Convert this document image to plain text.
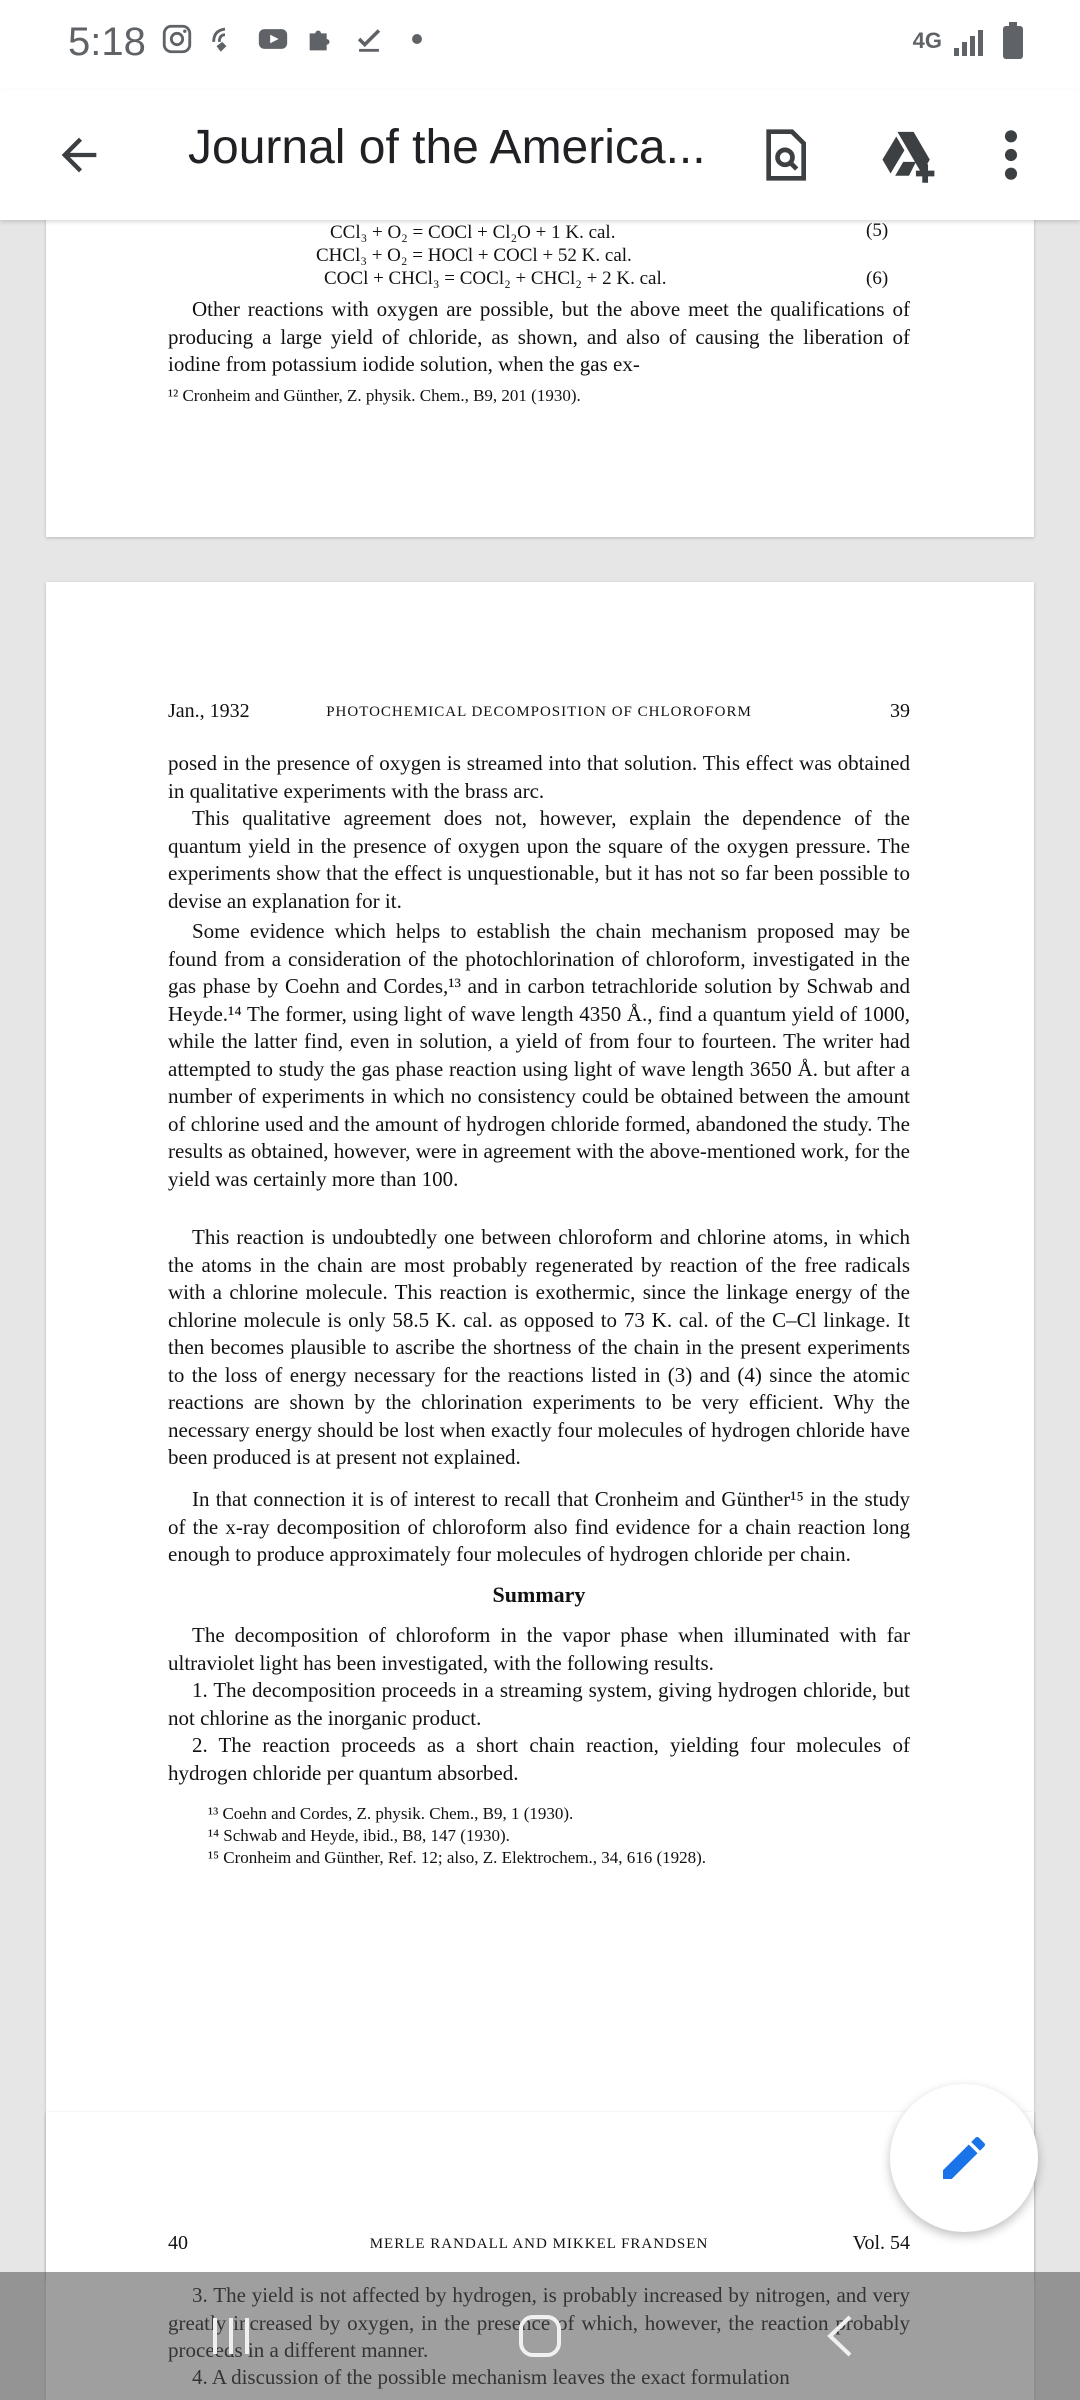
5:18	4G
Journal of the America...
CCl₃ + O₂ = COCl + Cl₂O + 1 K. cal.	(5)
CHCl₃ + O₂ = HOCl + COCl + 52 K. cal.
COCl + CHCl₃ = COCl₂ + CHCl₂ + 2 K. cal.	(6)
Other reactions with oxygen are possible, but the above meet the qualifications of producing a large yield of chloride, as shown, and also of causing the liberation of iodine from potassium iodide solution, when the gas ex-
¹² Cronheim and Günther, Z. physik. Chem., B9, 201 (1930).
Jan., 1932	PHOTOCHEMICAL DECOMPOSITION OF CHLOROFORM	39
posed in the presence of oxygen is streamed into that solution. This effect was obtained in qualitative experiments with the brass arc.
This qualitative agreement does not, however, explain the dependence of the quantum yield in the presence of oxygen upon the square of the oxygen pressure. The experiments show that the effect is unquestionable, but it has not so far been possible to devise an explanation for it.
Some evidence which helps to establish the chain mechanism proposed may be found from a consideration of the photochlorination of chloroform, investigated in the gas phase by Coehn and Cordes,¹³ and in carbon tetrachloride solution by Schwab and Heyde.¹⁴ The former, using light of wave length 4350 Å., find a quantum yield of 1000, while the latter find, even in solution, a yield of from four to fourteen. The writer had attempted to study the gas phase reaction using light of wave length 3650 Å. but after a number of experiments in which no consistency could be obtained between the amount of chlorine used and the amount of hydrogen chloride formed, abandoned the study. The results as obtained, however, were in agreement with the above-mentioned work, for the yield was certainly more than 100.
This reaction is undoubtedly one between chloroform and chlorine atoms, in which the atoms in the chain are most probably regenerated by reaction of the free radicals with a chlorine molecule. This reaction is exothermic, since the linkage energy of the chlorine molecule is only 58.5 K. cal. as opposed to 73 K. cal. of the C–Cl linkage. It then becomes plausible to ascribe the shortness of the chain in the present experiments to the loss of energy necessary for the reactions listed in (3) and (4) since the atomic reactions are shown by the chlorination experiments to be very efficient. Why the necessary energy should be lost when exactly four molecules of hydrogen chloride have been produced is at present not explained.
In that connection it is of interest to recall that Cronheim and Günther¹⁵ in the study of the x-ray decomposition of chloroform also find evidence for a chain reaction long enough to produce approximately four molecules of hydrogen chloride per chain.
Summary
The decomposition of chloroform in the vapor phase when illuminated with far ultraviolet light has been investigated, with the following results.
1. The decomposition proceeds in a streaming system, giving hydrogen chloride, but not chlorine as the inorganic product.
2. The reaction proceeds as a short chain reaction, yielding four molecules of hydrogen chloride per quantum absorbed.
¹³ Coehn and Cordes, Z. physik. Chem., B9, 1 (1930).
¹⁴ Schwab and Heyde, ibid., B8, 147 (1930).
¹⁵ Cronheim and Günther, Ref. 12; also, Z. Elektrochem., 34, 616 (1928).
40	MERLE RANDALL AND MIKKEL FRANDSEN	Vol. 54
